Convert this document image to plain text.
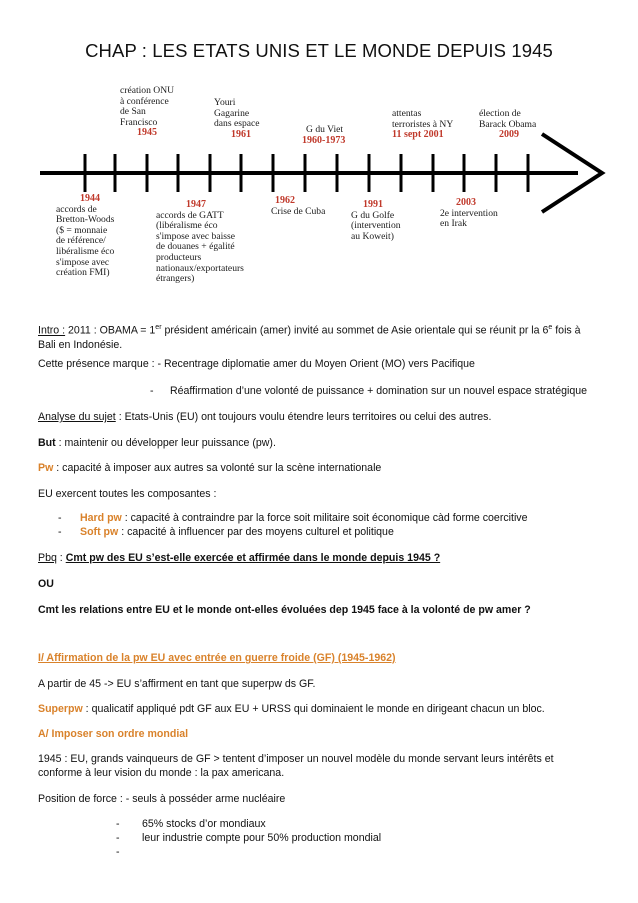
CHAP : LES ETATS UNIS ET LE MONDE DEPUIS 1945
création ONU
à conférence
de San
Francisco
1945
Youri
Gagarine
dans espace
1961	G du Viet
1960-1973
attentas
terroristes à NY
11 sept 2001
élection de
Barack Obama
2009
1944
accords de
Bretton-Woods
($ = monnaie
de référence/
libéralisme éco
s'impose avec
création FMI)
1947
accords de GATT
(libéralisme éco
s'impose avec baisse
de douanes + égalité
producteurs
nationaux/exportateurs
étrangers)
1962
Crise de Cuba
1991
G du Golfe
(intervention
au Koweit)
2003
2e intervention
en Irak
Intro : 2011 : OBAMA = 1er président américain (amer) invité au sommet de Asie orientale qui se réunit pr la 6e fois à
Bali en Indonésie.
Cette présence marque : - Recentrage diplomatie amer du Moyen Orient (MO) vers Pacifique
- Réaffirmation d’une volonté de puissance + domination sur un nouvel espace stratégique
Analyse du sujet : Etats-Unis (EU) ont toujours voulu étendre leurs territoires ou celui des autres.
But : maintenir ou développer leur puissance (pw).
Pw : capacité à imposer aux autres sa volonté sur la scène internationale
EU exercent toutes les composantes :
- Hard pw : capacité à contraindre par la force soit militaire soit économique càd forme coercitive
- Soft pw : capacité à influencer par des moyens culturel et politique
Pbq : Cmt pw des EU s’est-elle exercée et affirmée dans le monde depuis 1945 ?
OU
Cmt les relations entre EU et le monde ont-elles évoluées dep 1945 face à la volonté de pw amer ?
I/ Affirmation de la pw EU avec entrée en guerre froide (GF) (1945-1962)
A partir de 45 -> EU s’affirment en tant que superpw ds GF.
Superpw : qualicatif appliqué pdt GF aux EU + URSS qui dominaient le monde en dirigeant chacun un bloc.
A/ Imposer son ordre mondial
1945 : EU, grands vainqueurs de GF > tentent d’imposer un nouvel modèle du monde servant leurs intérêts et
conforme à leur vision du monde : la pax americana.
Position de force : - seuls à posséder arme nucléaire
- 65% stocks d’or mondiaux
- leur industrie compte pour 50% production mondial
-
